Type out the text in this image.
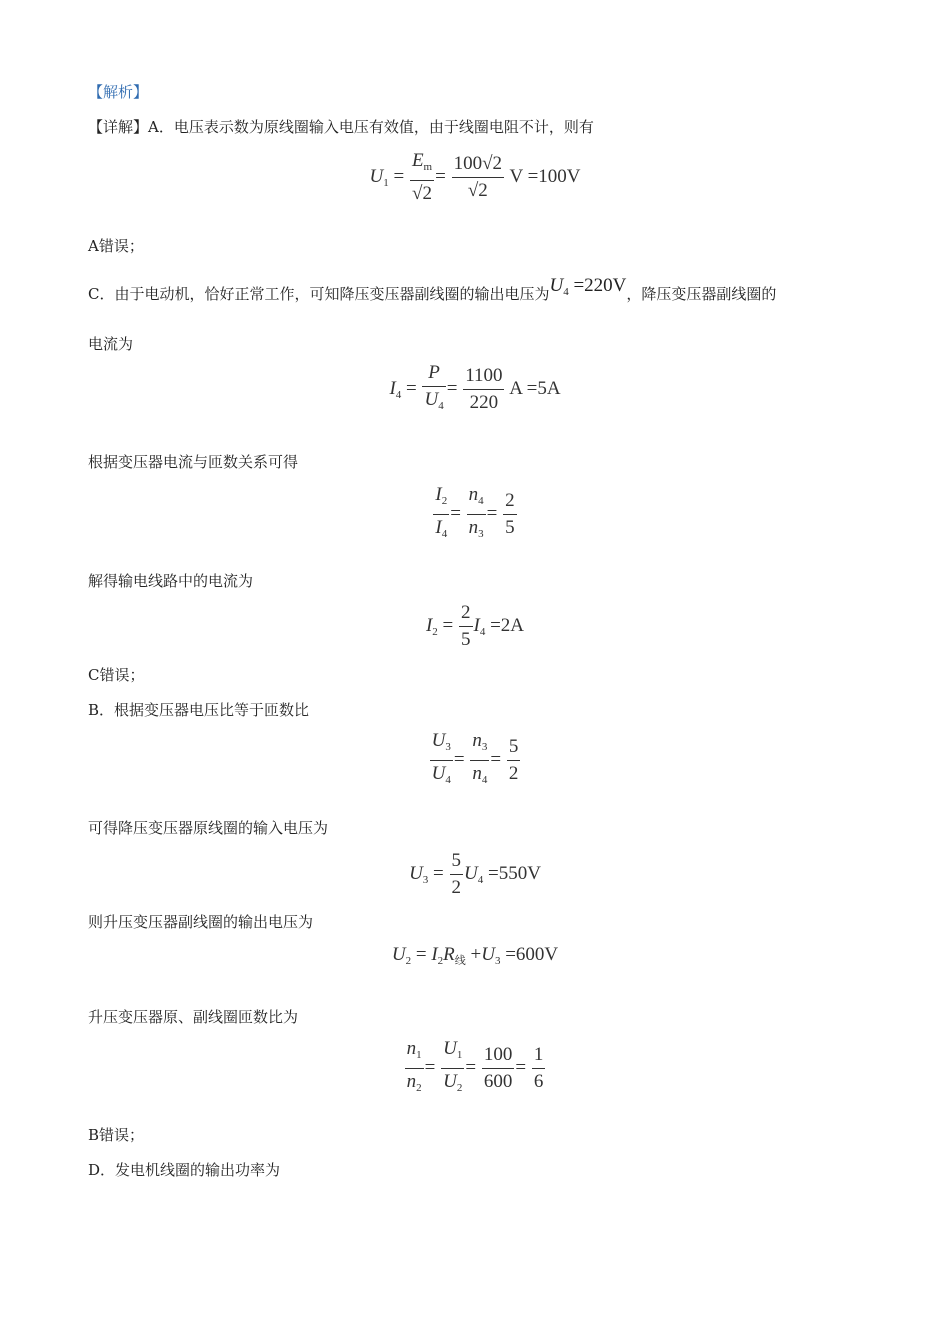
【解析】
【详解】A．电压表示数为原线圈输入电压有效值，由于线圈电阻不计，则有
$U_1 = \frac{E_m}{√2} = \frac{100√2}{√2}$ V =100V
A错误；
C．由于电动机，恰好正常工作，可知降压变压器副线圈的输出电压为$U_4 =220V$，降压变压器副线圈的
电流为
$I_4 = \frac{P}{U_4} = \frac{1100}{220}$ A =5A
根据变压器电流与匝数关系可得
$\frac{I_2}{I_4} = \frac{n_4}{n_3} = \frac{2}{5}$
解得输电线路中的电流为
$I_2 = \frac{2}{5} I_4 =2A$
C错误；
B．根据变压器电压比等于匝数比
$\frac{U_3}{U_4} = \frac{n_3}{n_4} = \frac{5}{2}$
可得降压变压器原线圈的输入电压为
$U_3 = \frac{5}{2} U_4 =550V$
则升压变压器副线圈的输出电压为
$U_2 = I_2R_线 +U_3 =600V$
升压变压器原、副线圈匝数比为
$\frac{n_1}{n_2} = \frac{U_1}{U_2} = \frac{100}{600} = \frac{1}{6}$
B错误；
D．发电机线圈的输出功率为
